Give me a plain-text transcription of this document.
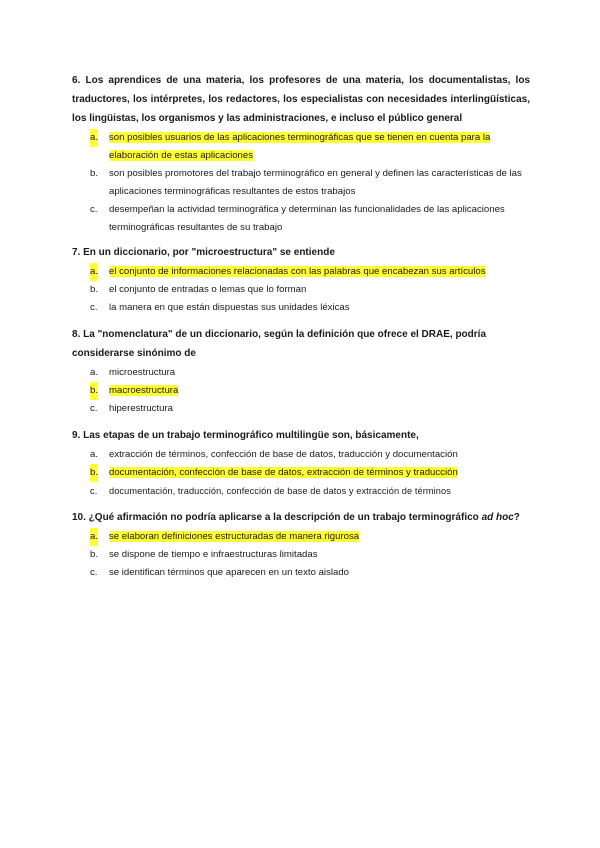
6. Los aprendices de una materia, los profesores de una materia, los documentalistas, los traductores, los intérpretes, los redactores, los especialistas con necesidades interlingüísticas, los lingüistas, los organismos y las administraciones, e incluso el público general

a. son posibles usuarios de las aplicaciones terminográficas que se tienen en cuenta para la elaboración de estas aplicaciones
b. son posibles promotores del trabajo terminográfico en general y definen las características de las aplicaciones terminográficas resultantes de estos trabajos
c. desempeñan la actividad terminográfica y determinan las funcionalidades de las aplicaciones terminográficas resultantes de su trabajo

7. En un diccionario, por "microestructura" se entiende

a. el conjunto de informaciones relacionadas con las palabras que encabezan sus artículos
b. el conjunto de entradas o lemas que lo forman
c. la manera en que están dispuestas sus unidades léxicas

8. La "nomenclatura" de un diccionario, según la definición que ofrece el DRAE, podría considerarse sinónimo de

a. microestructura
b. macroestructura
c. hiperestructura

9. Las etapas de un trabajo terminográfico multilingüe son, básicamente,

a. extracción de términos, confección de base de datos, traducción y documentación
b. documentación, confección de base de datos, extracción de términos y traducción
c. documentación, traducción, confección de base de datos y extracción de términos

10. ¿Qué afirmación no podría aplicarse a la descripción de un trabajo terminográfico ad hoc?

a. se elaboran definiciones estructuradas de manera rigurosa
b. se dispone de tiempo e infraestructuras limitadas
c. se identifican términos que aparecen en un texto aislado
